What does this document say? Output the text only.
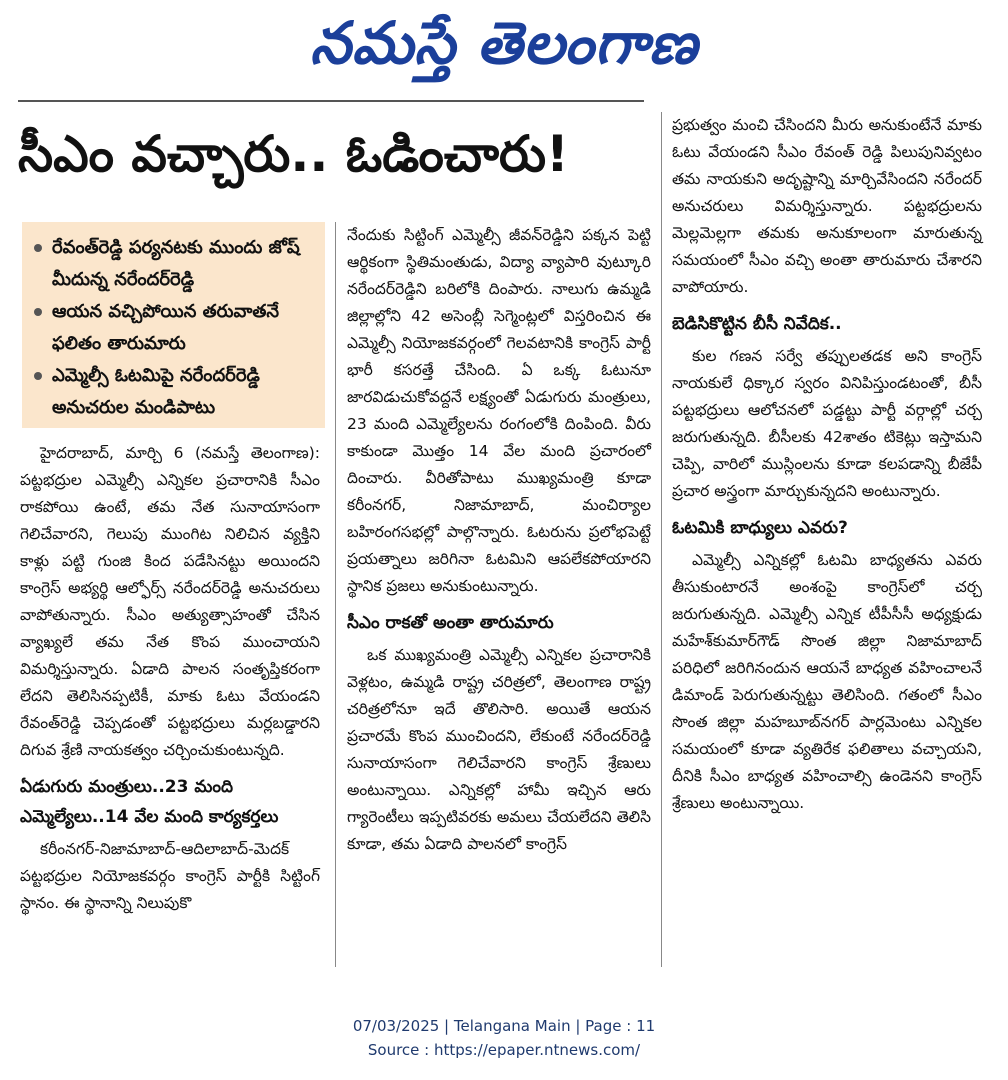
నమస్తే తెలంగాణ
సీఎం వచ్చారు.. ఓడించారు!
రేవంత్‌రెడ్డి పర్యనటకు ముందు జోష్ మీదున్న నరేందర్‌రెడ్డి
ఆయన వచ్చిపోయిన తరువాతనే ఫలితం తారుమారు
ఎమ్మెల్సీ ఓటమిపై నరేందర్‌రెడ్డి అనుచరుల మండిపాటు

హైదరాబాద్, మార్చి 6 (నమస్తే తెలంగాణ): పట్టభద్రుల ఎమ్మెల్సీ ఎన్నికల ప్రచారానికి సీఎం రాకపోయి ఉంటే, తమ నేత సునాయాసంగా గెలిచేవారని, గెలుపు ముంగిట నిలిచిన వ్యక్తిని కాళ్లు పట్టి గుంజి కింద పడేసినట్టు అయిందని కాంగ్రెస్ అభ్యర్థి ఆల్ఫోర్స్ నరేందర్‌రెడ్డి అనుచరులు వాపోతున్నారు. సీఎం అత్యుత్సాహంతో చేసిన వ్యాఖ్యలే తమ నేత కొంప ముంచాయని విమర్శిస్తున్నారు. ఏడాది పాలన సంతృప్తికరంగా లేదని తెలిసినప్పటికీ, మాకు ఓటు వేయండని రేవంత్‌రెడ్డి చెప్పడంతో పట్టభద్రులు మర్లబడ్డారని దిగువ శ్రేణి నాయకత్వం చర్చించుకుంటున్నది.

ఏడుగురు మంత్రులు..23 మంది

ఎమ్మెల్యేలు..14 వేల మంది కార్యకర్తలు

కరీంనగర్-నిజామాబాద్-ఆదిలాబాద్-మెదక్ పట్టభద్రుల నియోజకవర్గం కాంగ్రెస్ పార్టీకి సిట్టింగ్ స్థానం. ఈ స్థానాన్ని నిలుపుకొ

నేందుకు సిట్టింగ్ ఎమ్మెల్సీ జీవన్‌రెడ్డిని పక్కన పెట్టి ఆర్థికంగా స్థితిమంతుడు, విద్యా వ్యాపారి వుట్కూరి నరేందర్‌రెడ్డిని బరిలోకి దింపారు. నాలుగు ఉమ్మడి జిల్లాల్లోని 42 అసెంబ్లీ సెగ్మెంట్లలో విస్తరించిన ఈ ఎమ్మెల్సీ నియోజకవర్గంలో గెలవటానికి కాంగ్రెస్ పార్టీ భారీ కసరత్తే చేసింది. ఏ ఒక్క ఓటునూ జారవిడుచుకోవద్దనే లక్ష్యంతో ఏడుగురు మంత్రులు, 23 మంది ఎమ్మెల్యేలను రంగంలోకి దింపింది. వీరు కాకుండా మొత్తం 14 వేల మంది ప్రచారంలో దించారు. వీరితోపాటు ముఖ్యమంత్రి కూడా కరీంనగర్, నిజామాబాద్, మంచిర్యాల బహిరంగసభల్లో పాల్గొన్నారు. ఓటరును ప్రలోభపెట్టే ప్రయత్నాలు జరిగినా ఓటమిని ఆపలేకపోయారని స్థానిక ప్రజలు అనుకుంటున్నారు.

సీఎం రాకతో అంతా తారుమారు

ఒక ముఖ్యమంత్రి ఎమ్మెల్సీ ఎన్నికల ప్రచారానికి వెళ్లటం, ఉమ్మడి రాష్ట్ర చరిత్రలో, తెలంగాణ రాష్ట్ర చరిత్రలోనూ ఇదే తొలిసారి. అయితే ఆయన ప్రచారమే కొంప ముంచిందని, లేకుంటే నరేందర్‌రెడ్డి సునాయాసంగా గెలిచేవారని కాంగ్రెస్ శ్రేణులు అంటున్నాయి. ఎన్నికల్లో హామీ ఇచ్చిన ఆరు గ్యారెంటీలు ఇప్పటివరకు అమలు చేయలేదని తెలిసి కూడా, తమ ఏడాది పాలనలో కాంగ్రెస్

ప్రభుత్వం మంచి చేసిందని మీరు అనుకుంటేనే మాకు ఓటు వేయండని సీఎం రేవంత్ రెడ్డి పిలుపునివ్వటం తమ నాయకుని అదృష్టాన్ని మార్చివేసిందని నరేందర్ అనుచరులు విమర్శిస్తున్నారు. పట్టభద్రులను మెల్లమెల్లగా తమకు అనుకూలంగా మారుతున్న సమయంలో సీఎం వచ్చి అంతా తారుమారు చేశారని వాపోయారు.

బెడిసికొట్టిన బీసీ నివేదిక..

కుల గణన సర్వే తప్పులతడక అని కాంగ్రెస్ నాయకులే ధిక్కార స్వరం వినిపిస్తుండటంతో, బీసీ పట్టభద్రులు ఆలోచనలో పడ్డట్టు పార్టీ వర్గాల్లో చర్చ జరుగుతున్నది. బీసీలకు 42శాతం టికెట్లు ఇస్తామని చెప్పి, వారిలో ముస్లింలను కూడా కలపడాన్ని బీజేపీ ప్రచార అస్త్రంగా మార్చుకున్నదని అంటున్నారు.

ఓటమికి బాధ్యులు ఎవరు?

ఎమ్మెల్సీ ఎన్నికల్లో ఓటమి బాధ్యతను ఎవరు తీసుకుంటారనే అంశంపై కాంగ్రెస్‌లో చర్చ జరుగుతున్నది. ఎమ్మెల్సీ ఎన్నిక టీపీసీసీ అధ్యక్షుడు మహేశ్‌కుమార్‌గౌడ్ సొంత జిల్లా నిజామాబాద్ పరిధిలో జరిగినందున ఆయనే బాధ్యత వహించాలనే డిమాండ్ పెరుగుతున్నట్టు తెలిసింది. గతంలో సీఎం సొంత జిల్లా మహబూబ్‌నగర్ పార్లమెంటు ఎన్నికల సమయంలో కూడా వ్యతిరేక ఫలితాలు వచ్చాయని, దీనికి సీఎం బాధ్యత వహించాల్సి ఉండెనని కాంగ్రెస్ శ్రేణులు అంటున్నాయి.

07/03/2025 | Telangana Main | Page : 11
Source : https://epaper.ntnews.com/
